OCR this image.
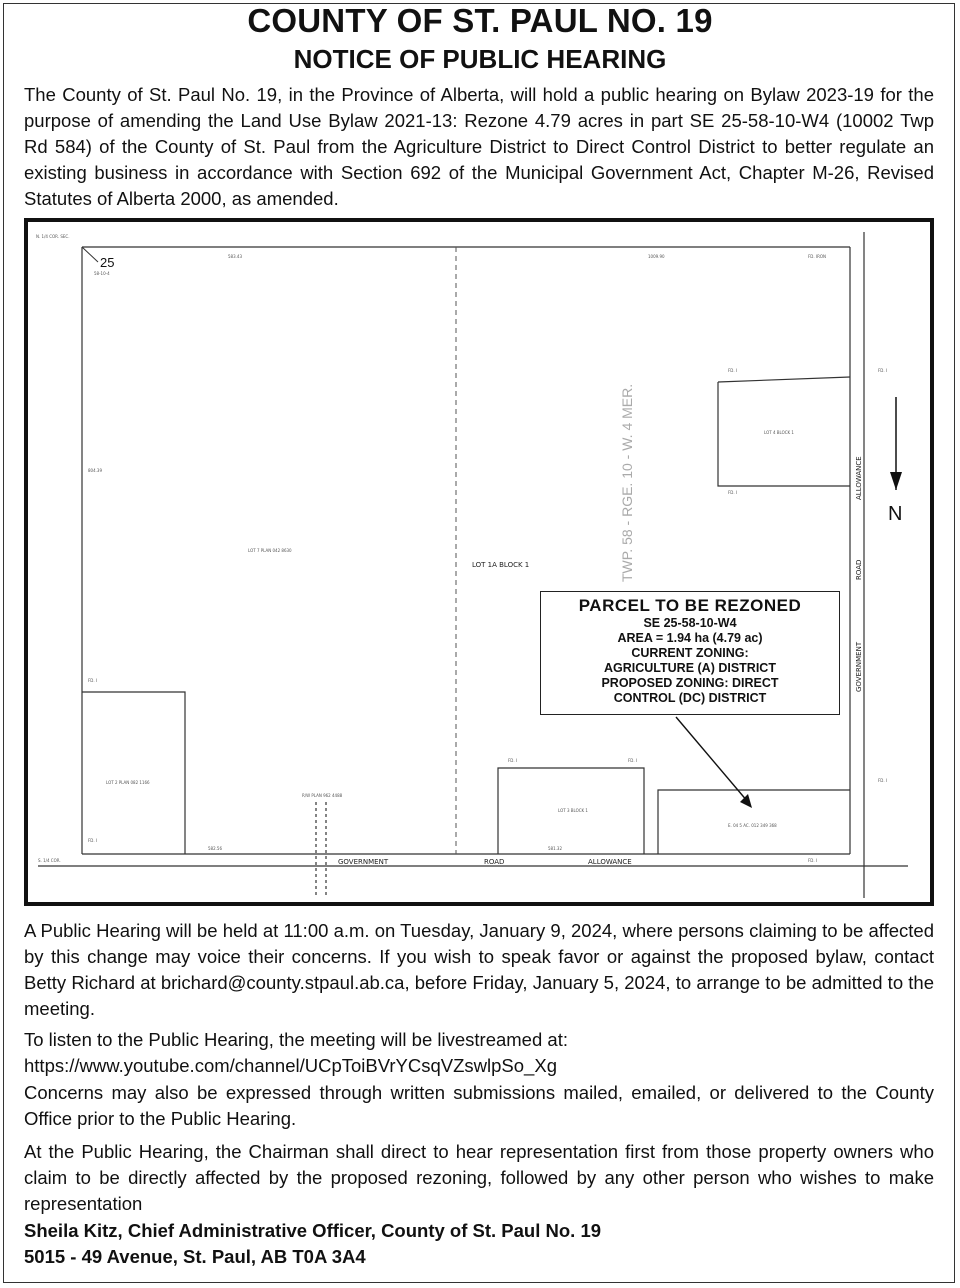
COUNTY OF ST. PAUL NO. 19
NOTICE OF PUBLIC HEARING
The County of St. Paul No. 19, in the Province of Alberta, will hold a public hearing on Bylaw 2023-19 for the purpose of amending the Land Use Bylaw 2021-13: Rezone 4.79 acres in part SE 25-58-10-W4 (10002 Twp Rd 584) of the County of St. Paul from the Agriculture District to Direct Control District to better regulate an existing business in accordance with Section 692 of the Municipal Government Act, Chapter M-26, Revised Statutes of Alberta 2000, as amended.
N. 1/4 COR. SEC.
583.43	1009.90	FD. IRON
804.39
FD. I
FD. I
582.56	581.32
FD. I
FD. I
FD. I
FD. I
S. 1/4 COR.	FD. I
FD. I	FD. I
25
58-10-4
LOT 1A BLOCK 1
LOT 7 PLAN 042 8630
LOT 4 BLOCK 1
LOT 2 PLAN 082 1166
LOT 3 BLOCK 1
R/W PLAN 962 4488
E. 04 5 AC. 012 349 368
TWP. 58 - RGE. 10 - W. 4 MER.
GOVERNMENT	ROAD	ALLOWANCE
GOVERNMENT
ROAD
ALLOWANCE
N
PARCEL TO BE REZONED
SE 25-58-10-W4
AREA = 1.94 ha (4.79 ac)
CURRENT ZONING:
AGRICULTURE (A) DISTRICT
PROPOSED ZONING: DIRECT
CONTROL (DC) DISTRICT
A Public Hearing will be held at 11:00 a.m. on Tuesday, January 9, 2024, where persons claiming to be affected by this change may voice their concerns. If you wish to speak favor or against the proposed bylaw, contact Betty Richard at brichard@county.stpaul.ab.ca, before Friday, January 5, 2024, to arrange to be admitted to the meeting.
To listen to the Public Hearing, the meeting will be livestreamed at:
https://www.youtube.com/channel/UCpToiBVrYCsqVZswlpSo_Xg
Concerns may also be expressed through written submissions mailed, emailed, or delivered to the County Office prior to the Public Hearing.
At the Public Hearing, the Chairman shall direct to hear representation first from those property owners who claim to be directly affected by the proposed rezoning, followed by any other person who wishes to make representation
Sheila Kitz, Chief Administrative Officer, County of St. Paul No. 19
5015 - 49 Avenue, St. Paul, AB T0A 3A4
